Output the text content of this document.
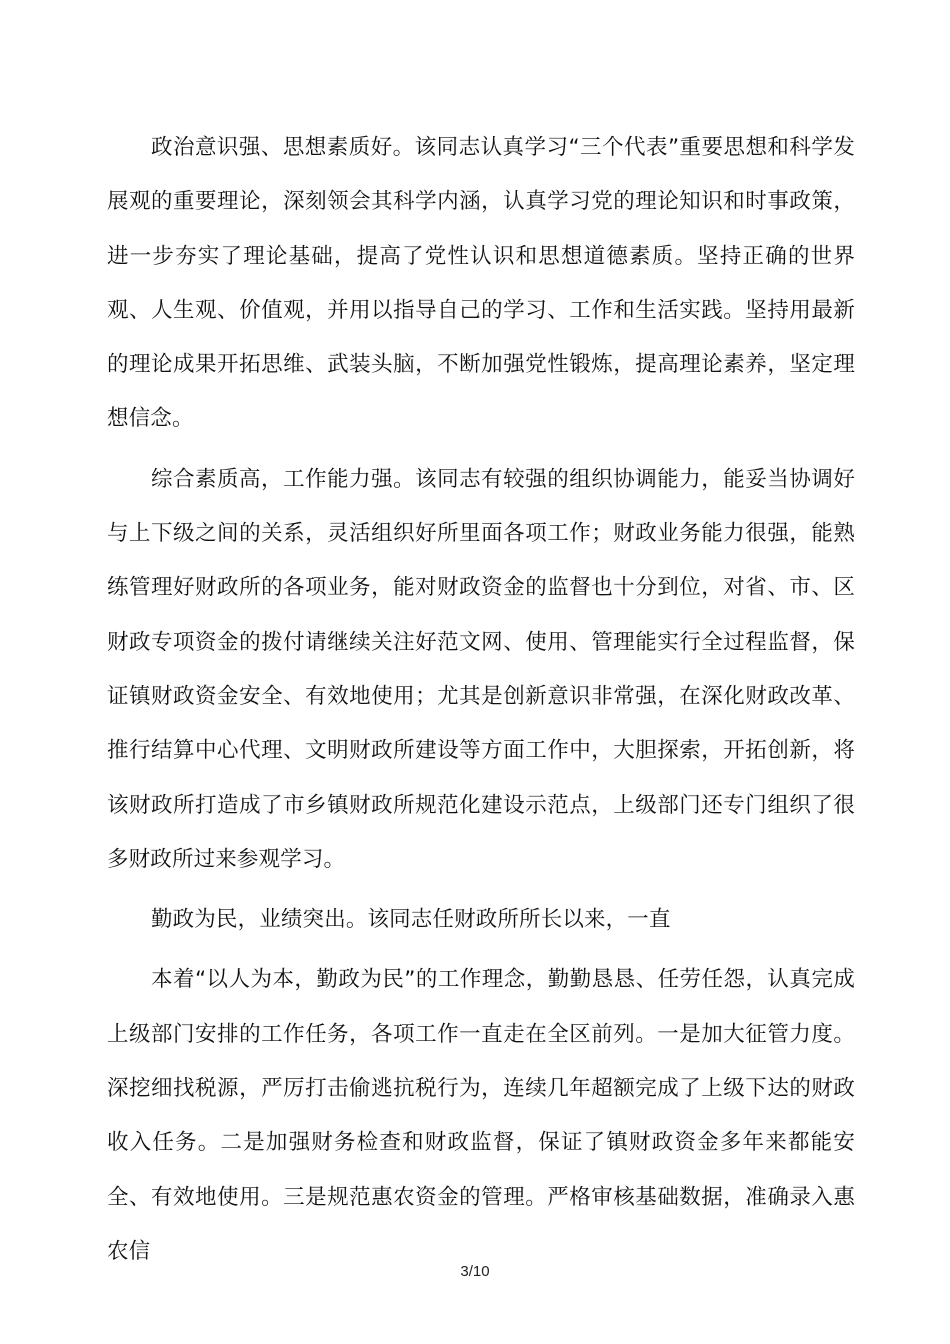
政治意识强、思想素质好。该同志认真学习“三个代表”重要思想和科学发展观的重要理论，深刻领会其科学内涵，认真学习党的理论知识和时事政策，进一步夯实了理论基础，提高了党性认识和思想道德素质。坚持正确的世界观、人生观、价值观，并用以指导自己的学习、工作和生活实践。坚持用最新的理论成果开拓思维、武装头脑，不断加强党性锻炼，提高理论素养，坚定理想信念。

综合素质高，工作能力强。该同志有较强的组织协调能力，能妥当协调好与上下级之间的关系，灵活组织好所里面各项工作；财政业务能力很强，能熟练管理好财政所的各项业务，能对财政资金的监督也十分到位，对省、市、区财政专项资金的拨付请继续关注好范文网、使用、管理能实行全过程监督，保证镇财政资金安全、有效地使用；尤其是创新意识非常强，在深化财政改革、推行结算中心代理、文明财政所建设等方面工作中，大胆探索，开拓创新，将该财政所打造成了市乡镇财政所规范化建设示范点，上级部门还专门组织了很多财政所过来参观学习。

勤政为民，业绩突出。该同志任财政所所长以来，一直

本着“以人为本，勤政为民”的工作理念，勤勤恳恳、任劳任怨，认真完成上级部门安排的工作任务，各项工作一直走在全区前列。一是加大征管力度。深挖细找税源，严厉打击偷逃抗税行为，连续几年超额完成了上级下达的财政收入任务。二是加强财务检查和财政监督，保证了镇财政资金多年来都能安全、有效地使用。三是规范惠农资金的管理。严格审核基础数据，准确录入惠农信

3/10
